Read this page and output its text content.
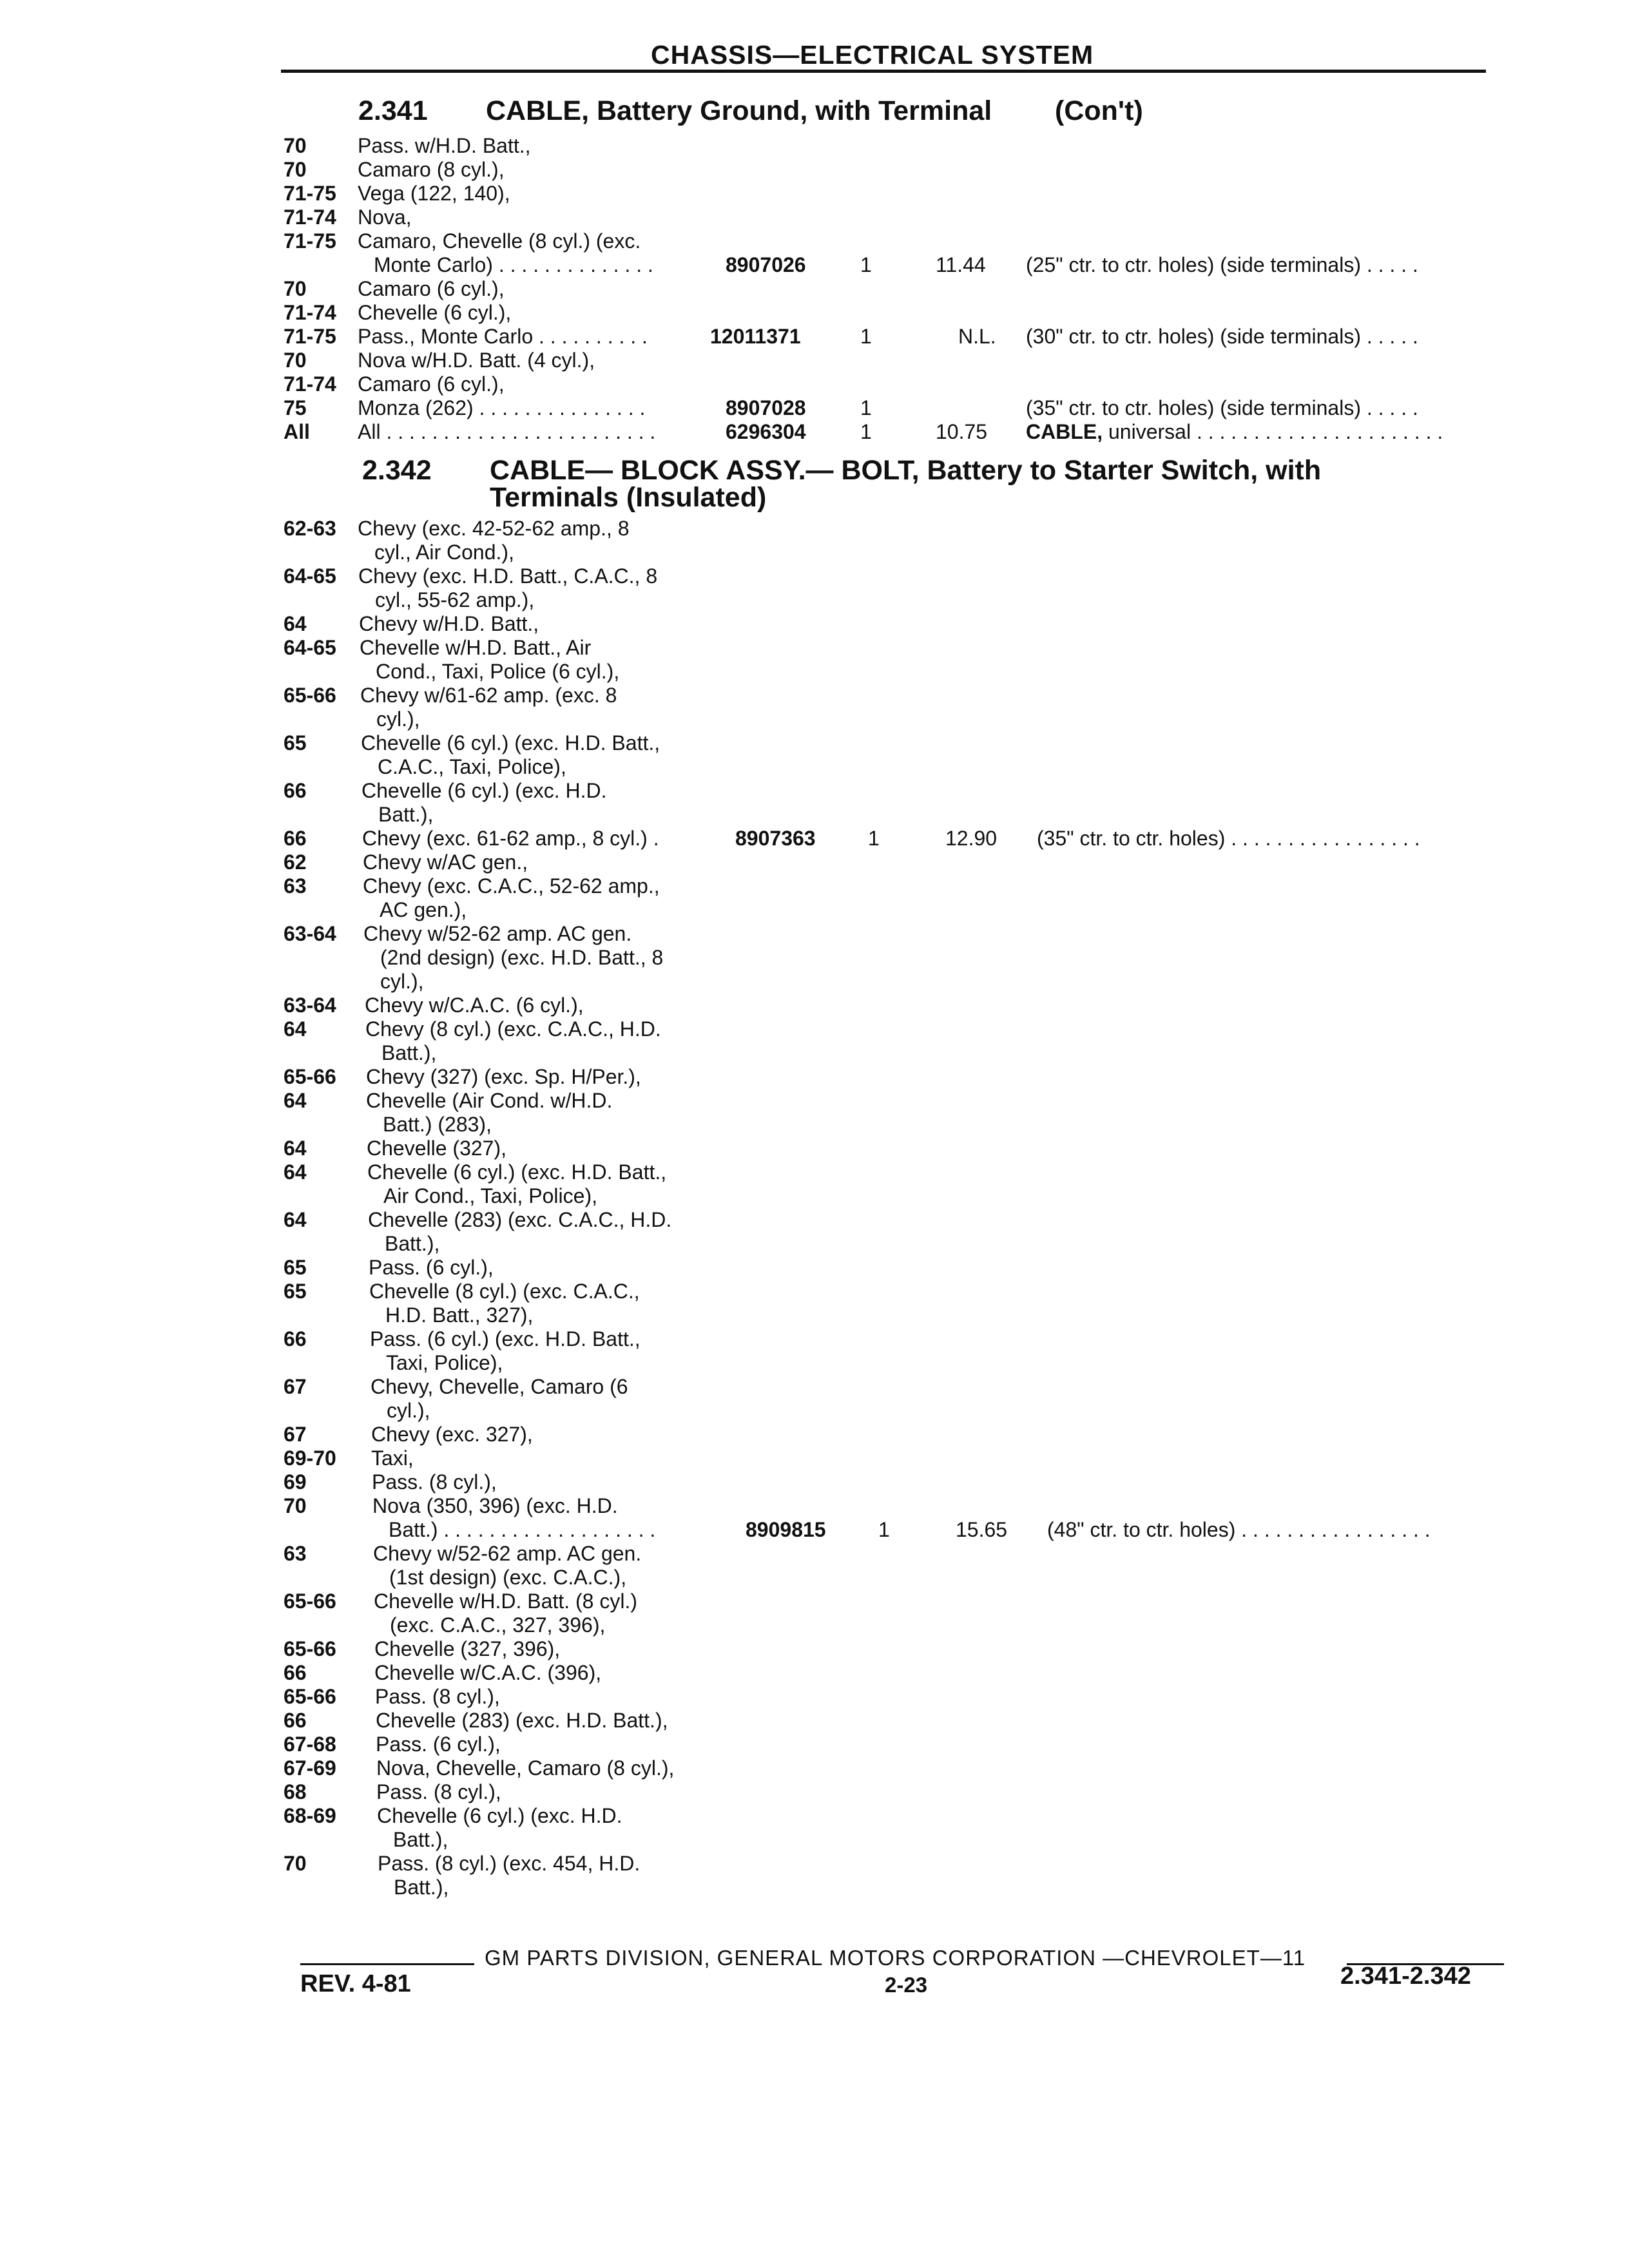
CHASSIS—ELECTRICAL SYSTEM
2.341 CABLE, Battery Ground, with Terminal (Con't)
70 Pass. w/H.D. Batt.,
70 Camaro (8 cyl.),
71-75 Vega (122, 140),
71-74 Nova,
71-75 Camaro, Chevelle (8 cyl.) (exc.
Monte Carlo) . . . . . . . . . . . . . .	8907026	1	11.44 (25" ctr. to ctr. holes) (side terminals) . . . . .
70 Camaro (6 cyl.),
71-74 Chevelle (6 cyl.),
71-75 Pass., Monte Carlo . . . . . . . . . .	12011371	1	N.L. (30" ctr. to ctr. holes) (side terminals) . . . . .
70 Nova w/H.D. Batt. (4 cyl.),
71-74 Camaro (6 cyl.),
75 Monza (262) . . . . . . . . . . . . . . .	8907028	1	(35" ctr. to ctr. holes) (side terminals) . . . . .
All All . . . . . . . . . . . . . . . . . . . . . . . .	6296304	1	10.75 CABLE, universal . . . . . . . . . . . . . . . . . . . . . .
2.342 CABLE— BLOCK ASSY.— BOLT, Battery to Starter Switch, with
Terminals (Insulated)
62-63 Chevy (exc. 42-52-62 amp., 8
cyl., Air Cond.),
64-65 Chevy (exc. H.D. Batt., C.A.C., 8
cyl., 55-62 amp.),
64	Chevy w/H.D. Batt.,
64-65 Chevelle w/H.D. Batt., Air
Cond., Taxi, Police (6 cyl.),
65-66 Chevy w/61-62 amp. (exc. 8
cyl.),
65	Chevelle (6 cyl.) (exc. H.D. Batt.,
C.A.C., Taxi, Police),
66	Chevelle (6 cyl.) (exc. H.D.
Batt.),
66	Chevy (exc. 61-62 amp., 8 cyl.) .	8907363	1	12.90 (35" ctr. to ctr. holes) . . . . . . . . . . . . . . . . .
62	Chevy w/AC gen.,
63	Chevy (exc. C.A.C., 52-62 amp.,
AC gen.),
63-64 Chevy w/52-62 amp. AC gen.
(2nd design) (exc. H.D. Batt., 8
cyl.),
63-64 Chevy w/C.A.C. (6 cyl.),
64	Chevy (8 cyl.) (exc. C.A.C., H.D.
Batt.),
65-66 Chevy (327) (exc. Sp. H/Per.),
64	Chevelle (Air Cond. w/H.D.
Batt.) (283),
64	Chevelle (327),
64	Chevelle (6 cyl.) (exc. H.D. Batt.,
Air Cond., Taxi, Police),
64	Chevelle (283) (exc. C.A.C., H.D.
Batt.),
65	Pass. (6 cyl.),
65	Chevelle (8 cyl.) (exc. C.A.C.,
H.D. Batt., 327),
66	Pass. (6 cyl.) (exc. H.D. Batt.,
Taxi, Police),
67	Chevy, Chevelle, Camaro (6
cyl.),
67	Chevy (exc. 327),
69-70 Taxi,
69	Pass. (8 cyl.),
70	Nova (350, 396) (exc. H.D.
Batt.) . . . . . . . . . . . . . . . . . . .	8909815	1	15.65 (48" ctr. to ctr. holes) . . . . . . . . . . . . . . . . .
63	Chevy w/52-62 amp. AC gen.
(1st design) (exc. C.A.C.),
65-66 Chevelle w/H.D. Batt. (8 cyl.)
(exc. C.A.C., 327, 396),
65-66 Chevelle (327, 396),
66	Chevelle w/C.A.C. (396),
65-66 Pass. (8 cyl.),
66	Chevelle (283) (exc. H.D. Batt.),
67-68 Pass. (6 cyl.),
67-69 Nova, Chevelle, Camaro (8 cyl.),
68	Pass. (8 cyl.),
68-69 Chevelle (6 cyl.) (exc. H.D.
Batt.),
70	Pass. (8 cyl.) (exc. 454, H.D.
Batt.),
GM PARTS DIVISION, GENERAL MOTORS CORPORATION —CHEVROLET—11
REV. 4-81	2-23	2.341-2.342
